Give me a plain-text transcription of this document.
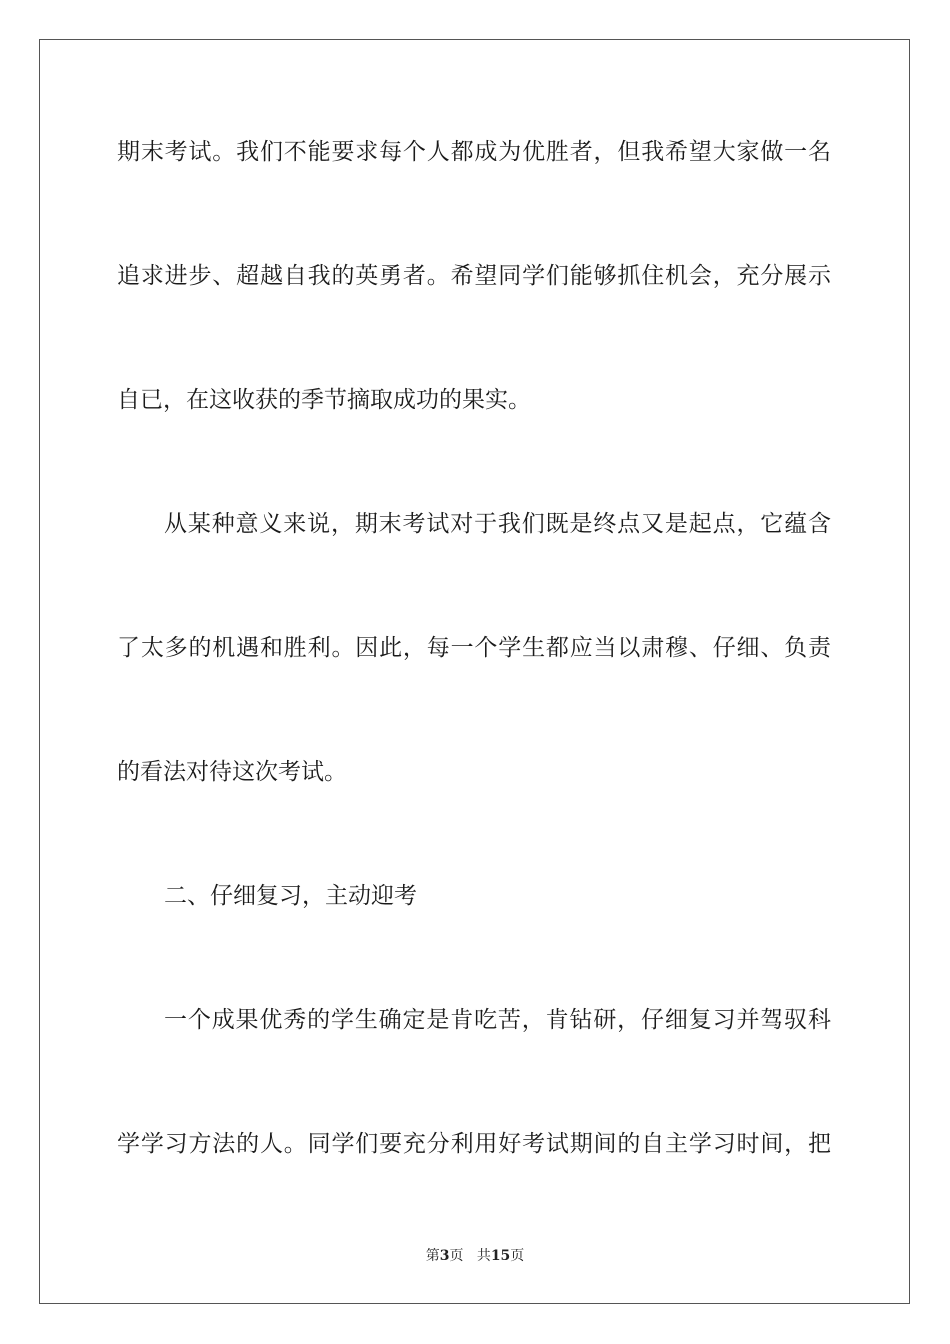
期末考试。我们不能要求每个人都成为优胜者，但我希望大家做一名
追求进步、超越自我的英勇者。希望同学们能够抓住机会，充分展示
自已，在这收获的季节摘取成功的果实。
从某种意义来说，期末考试对于我们既是终点又是起点，它蕴含
了太多的机遇和胜利。因此，每一个学生都应当以肃穆、仔细、负责
的看法对待这次考试。
二、仔细复习，主动迎考
一个成果优秀的学生确定是肯吃苦，肯钻研，仔细复习并驾驭科
学学习方法的人。同学们要充分利用好考试期间的自主学习时间，把
第3页 共15页
